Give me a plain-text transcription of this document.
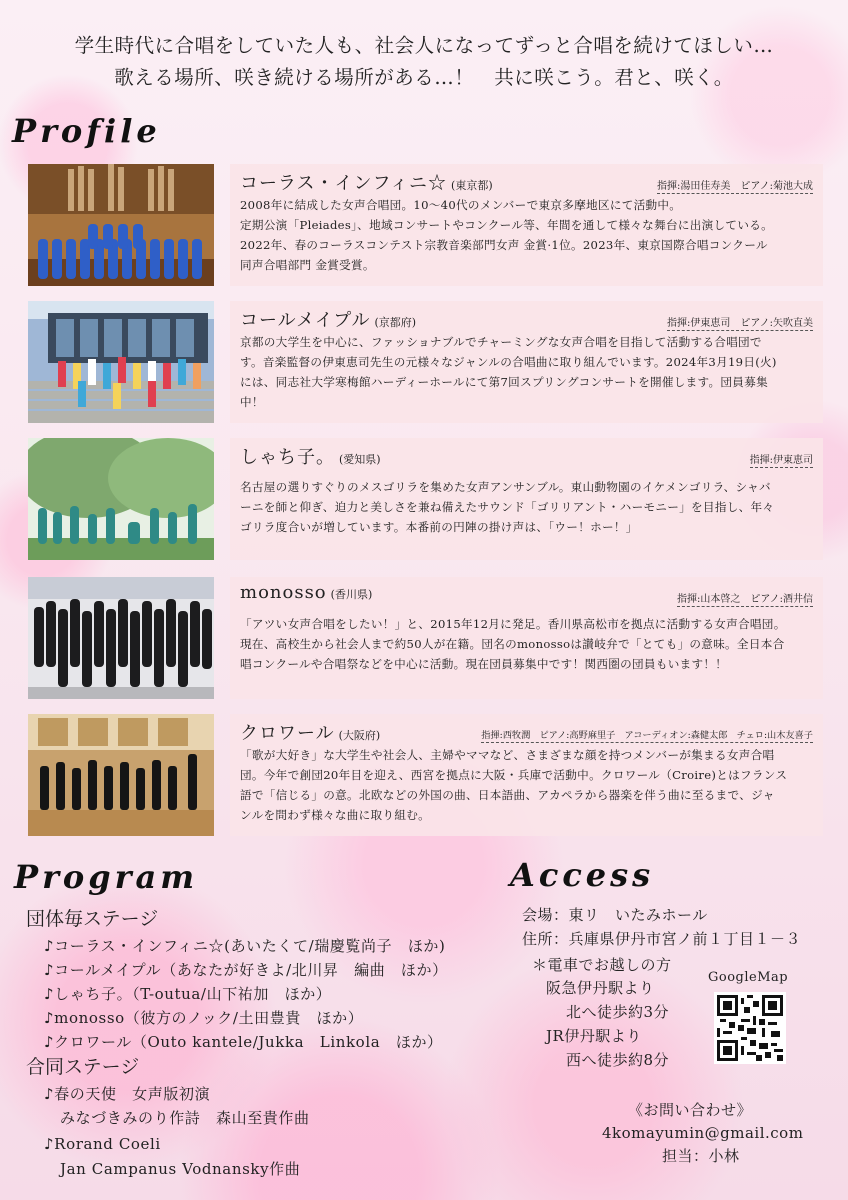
学生時代に合唱をしていた人も、社会人になってずっと合唱を続けてほしい…
歌える場所、咲き続ける場所がある…！　共に咲こう。君と、咲く。
Profile
コーラス・インフィニ☆ (東京都)	指揮:湯田佳寿美　ピアノ:菊池大成
2008年に結成した女声合唱団。10〜40代のメンバーで東京多摩地区にて活動中。
定期公演「Pleiades」、地域コンサートやコンクール等、年間を通して様々な舞台に出演している。
2022年、春のコーラスコンテスト宗教音楽部門女声 金賞·1位。2023年、東京国際合唱コンクール
同声合唱部門 金賞受賞。
コールメイプル (京都府)	指揮:伊東恵司　ピアノ:矢吹直美
京都の大学生を中心に、ファッショナブルでチャーミングな女声合唱を目指して活動する合唱団で
す。音楽監督の伊東恵司先生の元様々なジャンルの合唱曲に取り組んでいます。2024年3月19日(火)
には、同志社大学寒梅館ハーディーホールにて第7回スプリングコンサートを開催します。団員募集
中！
しゃち子。 (愛知県)	指揮:伊東恵司
名古屋の選りすぐりのメスゴリラを集めた女声アンサンブル。東山動物園のイケメンゴリラ、シャバ
ーニを師と仰ぎ、迫力と美しさを兼ね備えたサウンド「ゴリリアント・ハーモニー」を目指し、年々
ゴリラ度合いが増しています。本番前の円陣の掛け声は、「ウー！ホー！」
monosso (香川県)	指揮:山本啓之　ピアノ:酒井信
「アツい女声合唱をしたい！」と、2015年12月に発足。香川県高松市を拠点に活動する女声合唱団。
現在、高校生から社会人まで約50人が在籍。団名のmonossoは讃岐弁で「とても」の意味。全日本合
唱コンクールや合唱祭などを中心に活動。現在団員募集中です！関西圏の団員もいます！！
クロワール (大阪府)	指揮:西牧潤　ピアノ:高野麻里子　アコーディオン:森健太郎　チェロ:山木友喜子
「歌が大好き」な大学生や社会人、主婦やママなど、さまざまな顔を持つメンバーが集まる女声合唱
団。今年で創団20年目を迎え、西宮を拠点に大阪・兵庫で活動中。クロワール（Croire)とはフランス
語で「信じる」の意。北欧などの外国の曲、日本語曲、アカペラから器楽を伴う曲に至るまで、ジャ
ンルを問わず様々な曲に取り組む。
Program
団体毎ステージ
♪コーラス・インフィニ☆(あいたくて/瑞慶覧尚子　ほか)
♪コールメイプル（あなたが好きよ/北川昇　編曲　ほか）
♪しゃち子。（T-outua/山下祐加　ほか）
♪monosso（彼方のノック/土田豊貴　ほか）
♪クロワール（Outo kantele/Jukka　Linkola　ほか）
合同ステージ
♪春の天使　女声版初演
みなづきみのり作詩　森山至貴作曲
♪Rorand Coeli
Jan Campanus Vodnansky作曲
Access
会場：東リ　いたみホール
住所：兵庫県伊丹市宮ノ前１丁目１－３
＊電車でお越しの方
阪急伊丹駅より
北へ徒歩約3分
JR伊丹駅より
西へ徒歩約8分
GoogleMap
《お問い合わせ》
4komayumin@gmail.com
担当：小林
